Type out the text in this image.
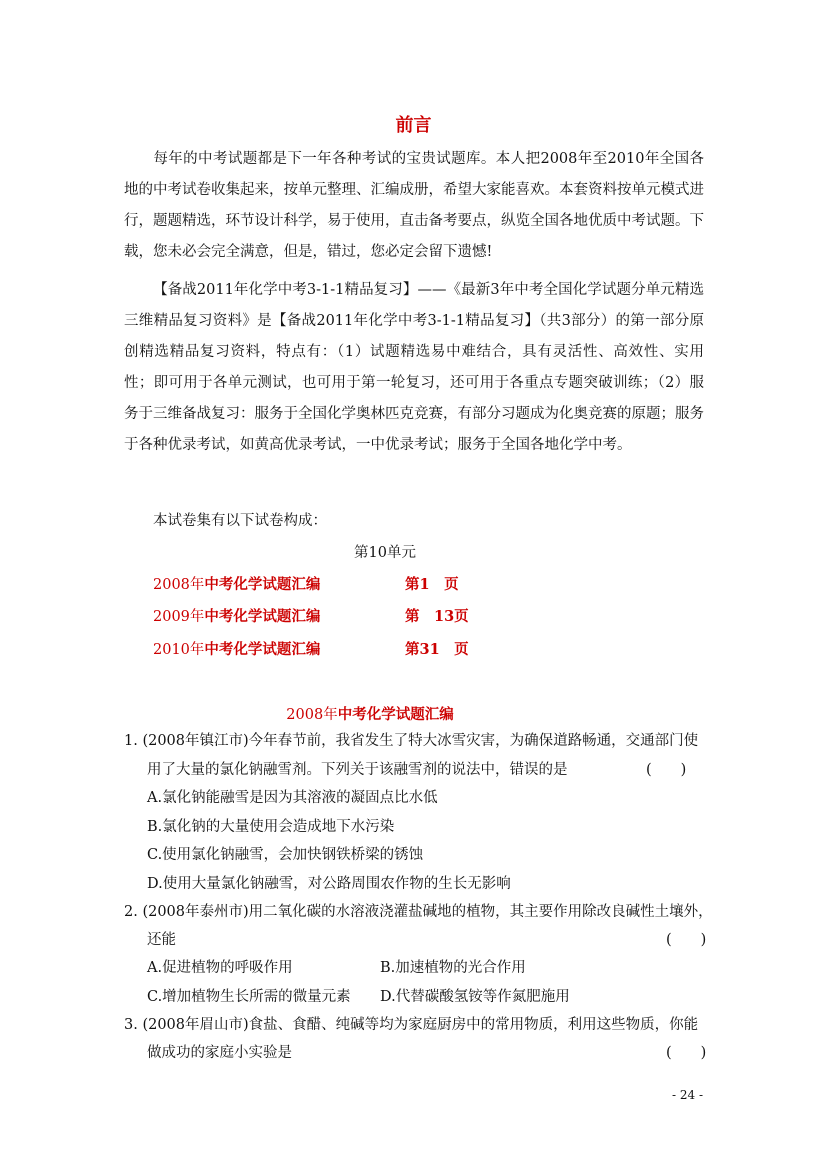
前言

每年的中考试题都是下一年各种考试的宝贵试题库。本人把2008年至2010年全国各地的中考试卷收集起来，按单元整理、汇编成册，希望大家能喜欢。本套资料按单元模式进行，题题精选，环节设计科学，易于使用，直击备考要点，纵览全国各地优质中考试题。下载，您未必会完全满意，但是，错过，您必定会留下遗憾!

【备战2011年化学中考3-1-1精品复习】——《最新3年中考全国化学试题分单元精选三维精品复习资料》是【备战2011年化学中考3-1-1精品复习】（共3部分）的第一部分原创精选精品复习资料，特点有：（1）试题精选易中难结合，具有灵活性、高效性、实用性；即可用于各单元测试，也可用于第一轮复习，还可用于各重点专题突破训练；（2）服务于三维备战复习：服务于全国化学奥林匹克竞赛，有部分习题成为化奥竞赛的原题；服务于各种优录考试，如黄高优录考试，一中优录考试；服务于全国各地化学中考。

本试卷集有以下试卷构成：
第10单元
2008年中考化学试题汇编	第1　页
2009年中考化学试题汇编	第　13页
2010年中考化学试题汇编	第31　页
2008年中考化学试题汇编
1. (2008年镇江市)今年春节前，我省发生了特大冰雪灾害，为确保道路畅通，交通部门使
用了大量的氯化钠融雪剂。下列关于该融雪剂的说法中，错误的是	(　　)
A.氯化钠能融雪是因为其溶液的凝固点比水低
B.氯化钠的大量使用会造成地下水污染
C.使用氯化钠融雪，会加快钢铁桥梁的锈蚀
D.使用大量氯化钠融雪，对公路周围农作物的生长无影响
2. (2008年泰州市)用二氧化碳的水溶液浇灌盐碱地的植物，其主要作用除改良碱性土壤外，
还能	(　　)
A.促进植物的呼吸作用	B.加速植物的光合作用
C.增加植物生长所需的微量元素 D.代替碳酸氢铵等作氮肥施用
3. (2008年眉山市)食盐、食醋、纯碱等均为家庭厨房中的常用物质，利用这些物质，你能
做成功的家庭小实验是	(　　)
- 24 -
